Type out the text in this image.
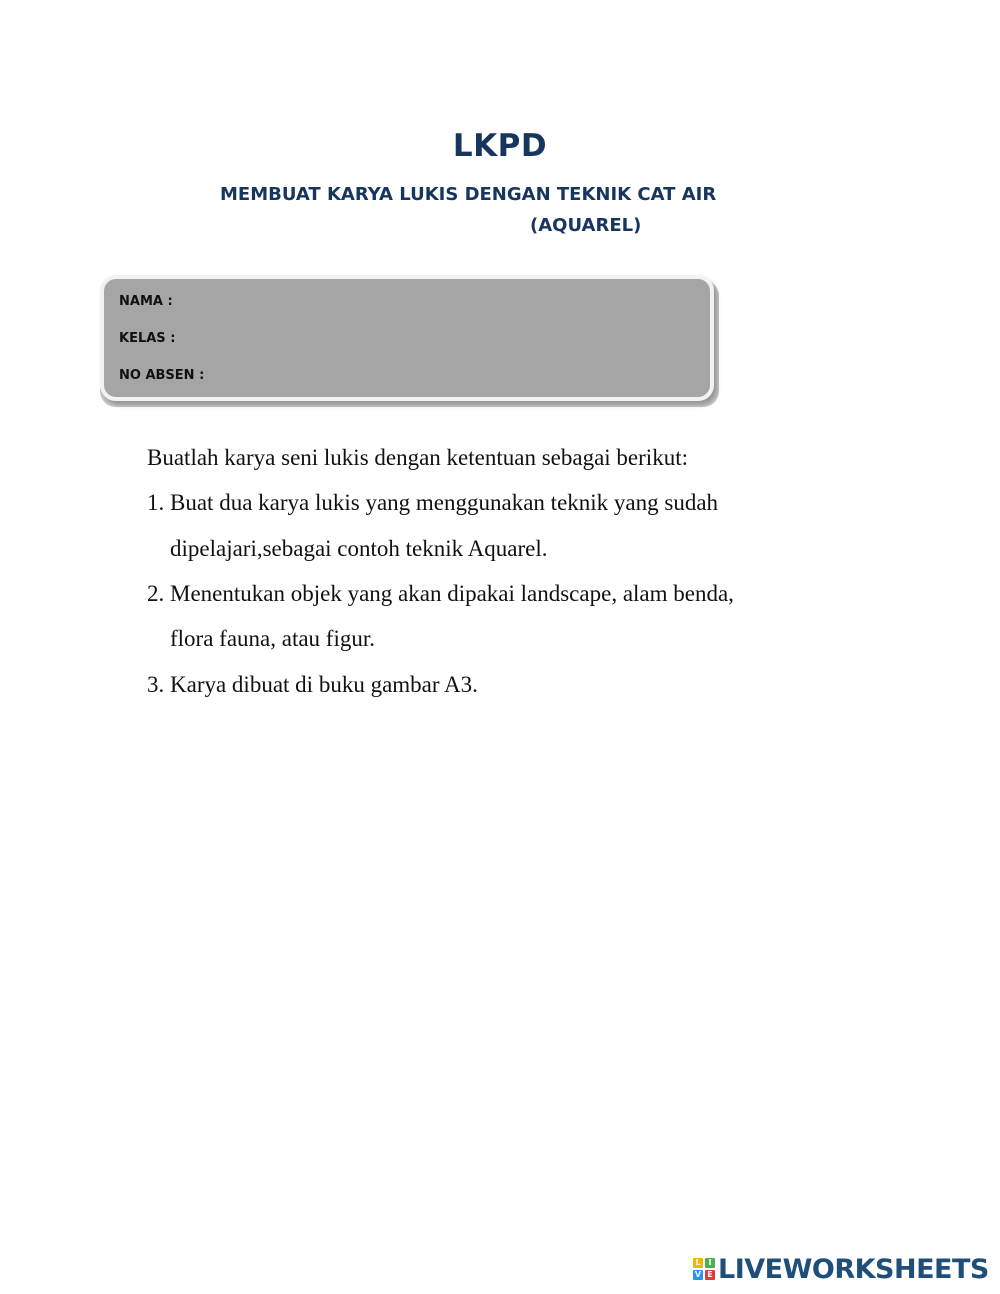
LKPD
MEMBUAT KARYA LUKIS DENGAN TEKNIK CAT AIR
(AQUAREL)
NAMA :
KELAS :
NO ABSEN :
Buatlah karya seni lukis dengan ketentuan sebagai berikut:
1. Buat dua karya lukis yang menggunakan teknik yang sudah
dipelajari,sebagai contoh teknik Aquarel.
2. Menentukan objek yang akan dipakai landscape, alam benda,
flora fauna, atau figur.
3. Karya dibuat di buku gambar A3.
L I
V E LIVEWORKSHEETS
